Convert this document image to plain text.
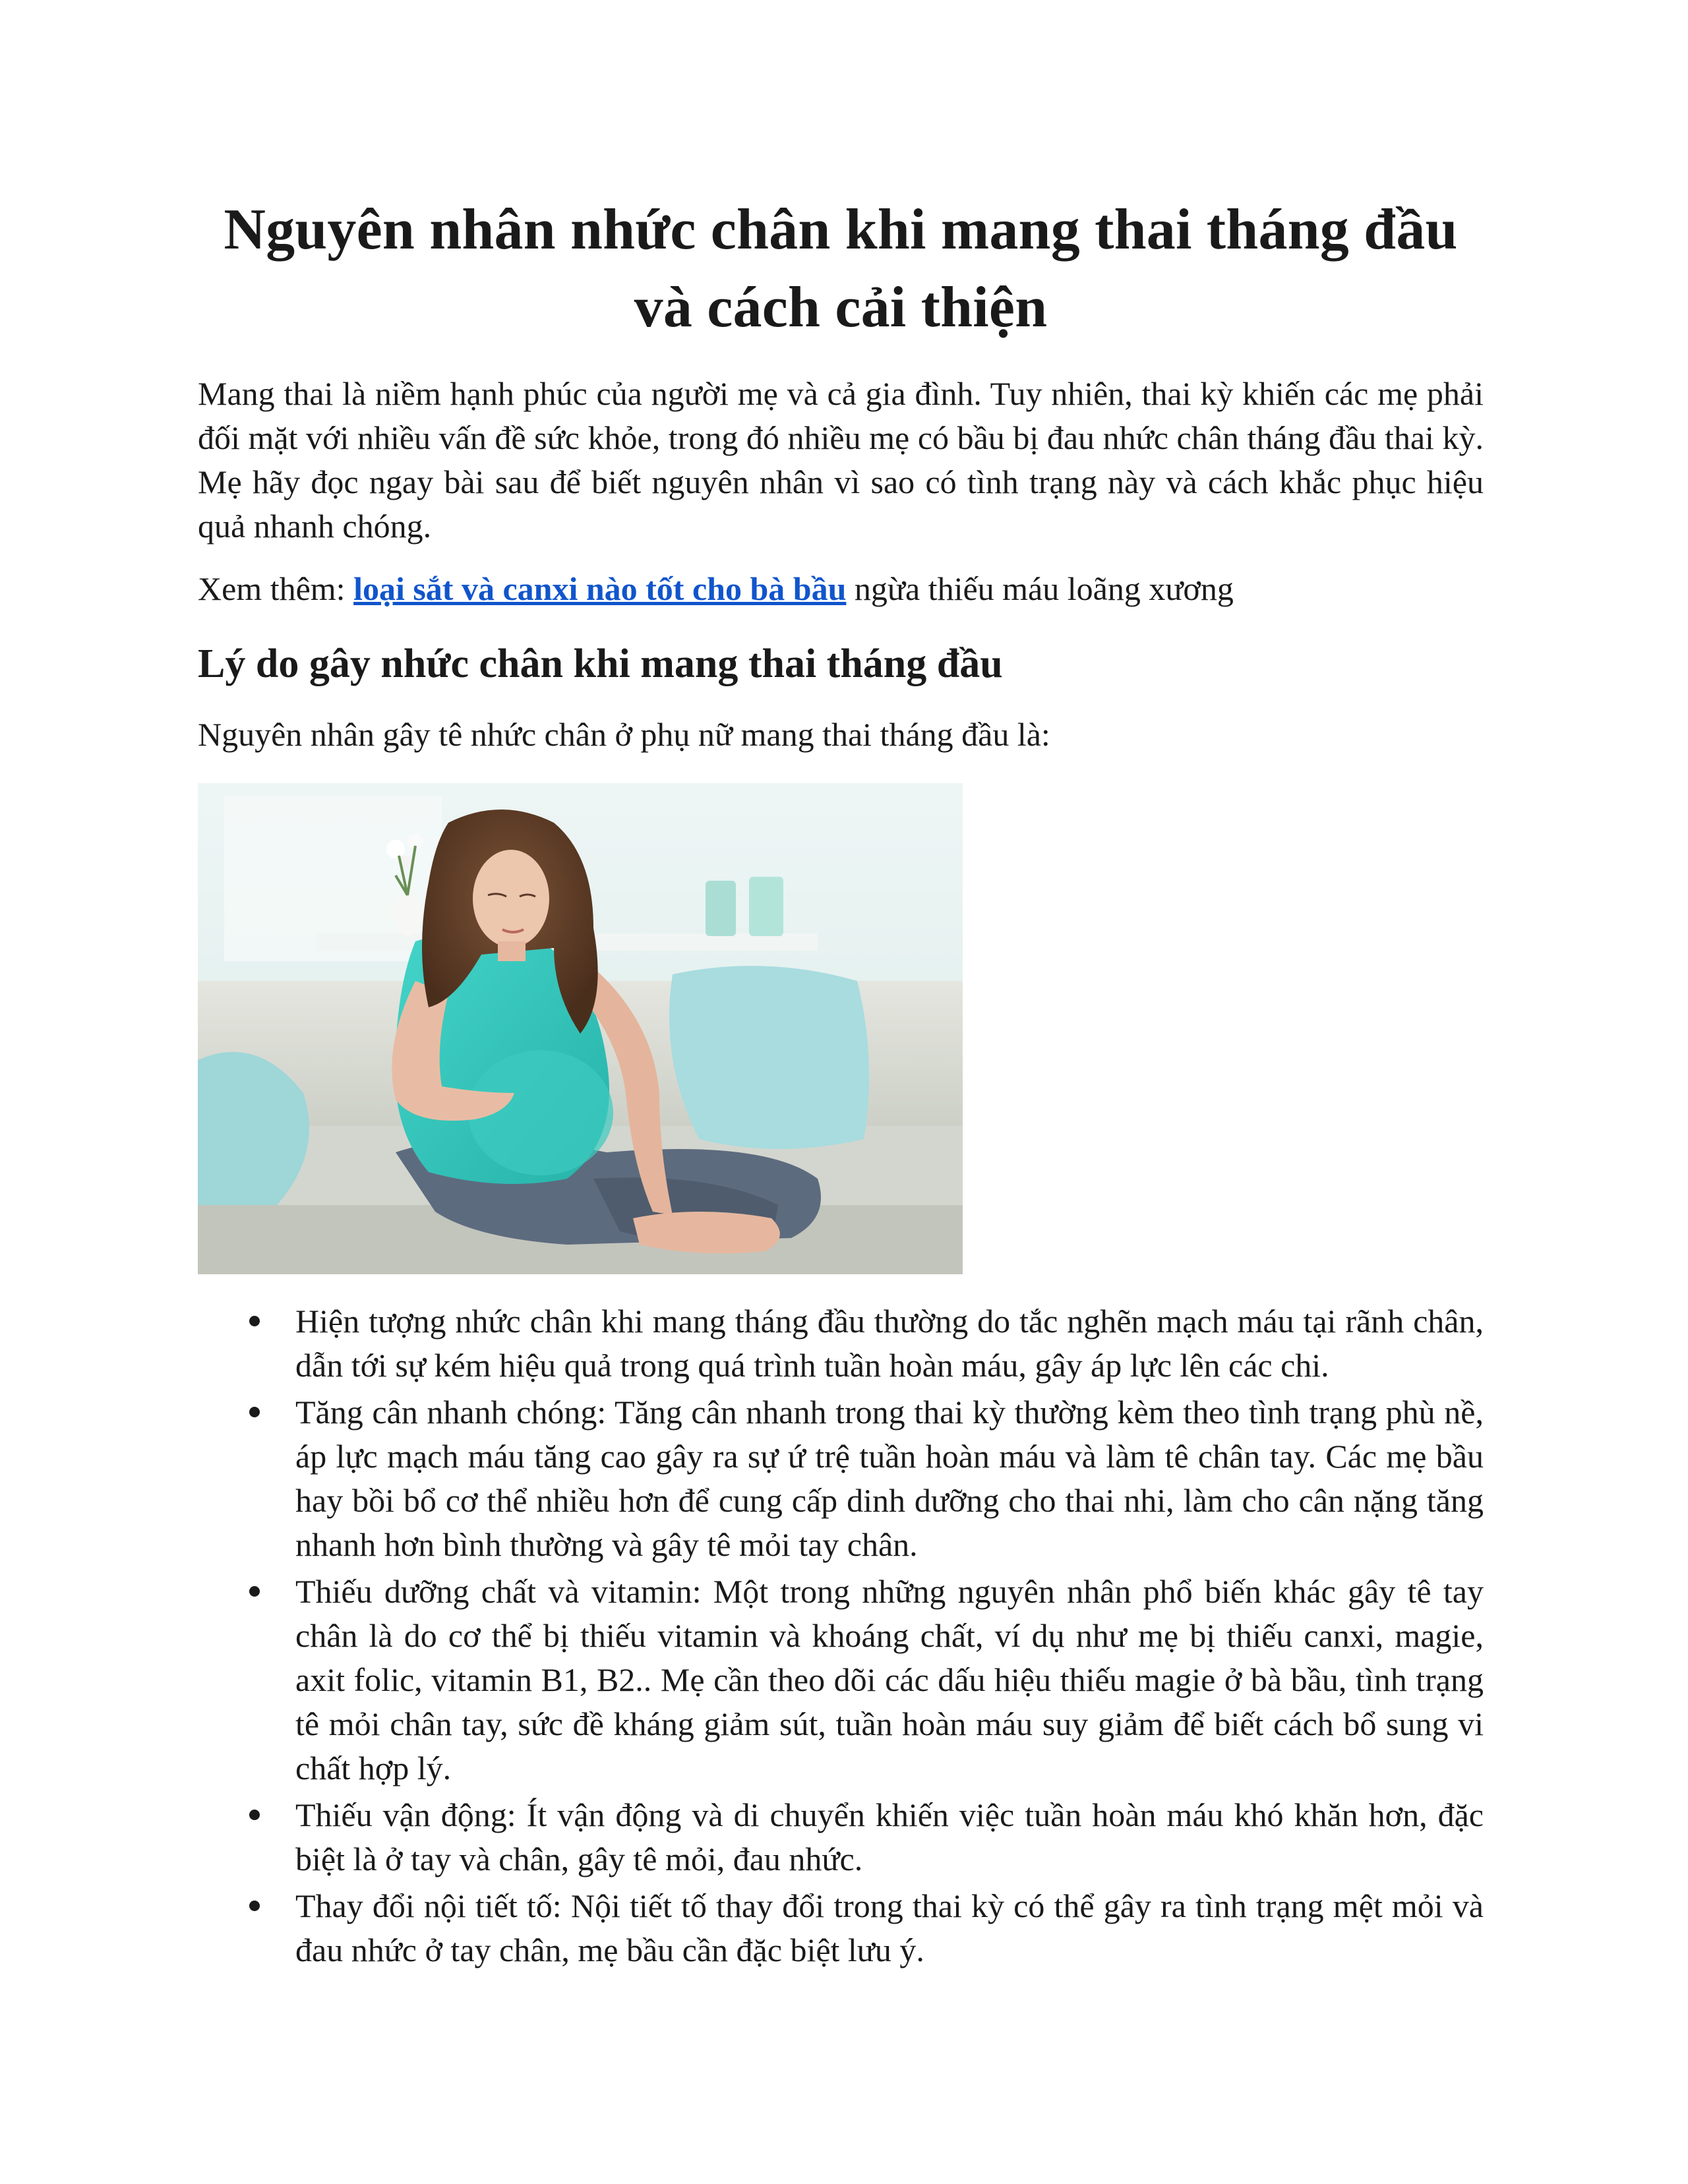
Nguyên nhân nhức chân khi mang thai tháng đầu
và cách cải thiện

Mang thai là niềm hạnh phúc của người mẹ và cả gia đình. Tuy nhiên, thai kỳ khiến các mẹ phải đối mặt với nhiều vấn đề sức khỏe, trong đó nhiều mẹ có bầu bị đau nhức chân tháng đầu thai kỳ. Mẹ hãy đọc ngay bài sau để biết nguyên nhân vì sao có tình trạng này và cách khắc phục hiệu quả nhanh chóng.

Xem thêm: loại sắt và canxi nào tốt cho bà bầu ngừa thiếu máu loãng xương

Lý do gây nhức chân khi mang thai tháng đầu

Nguyên nhân gây tê nhức chân ở phụ nữ mang thai tháng đầu là:

Hiện tượng nhức chân khi mang tháng đầu thường do tắc nghẽn mạch máu tại rãnh chân, dẫn tới sự kém hiệu quả trong quá trình tuần hoàn máu, gây áp lực lên các chi.
Tăng cân nhanh chóng: Tăng cân nhanh trong thai kỳ thường kèm theo tình trạng phù nề, áp lực mạch máu tăng cao gây ra sự ứ trệ tuần hoàn máu và làm tê chân tay. Các mẹ bầu hay bồi bổ cơ thể nhiều hơn để cung cấp dinh dưỡng cho thai nhi, làm cho cân nặng tăng nhanh hơn bình thường và gây tê mỏi tay chân.
Thiếu dưỡng chất và vitamin: Một trong những nguyên nhân phổ biến khác gây tê tay chân là do cơ thể bị thiếu vitamin và khoáng chất, ví dụ như mẹ bị thiếu canxi, magie, axit folic, vitamin B1, B2.. Mẹ cần theo dõi các dấu hiệu thiếu magie ở bà bầu, tình trạng tê mỏi chân tay, sức đề kháng giảm sút, tuần hoàn máu suy giảm để biết cách bổ sung vi chất hợp lý.
Thiếu vận động: Ít vận động và di chuyển khiến việc tuần hoàn máu khó khăn hơn, đặc biệt là ở tay và chân, gây tê mỏi, đau nhức.
Thay đổi nội tiết tố: Nội tiết tố thay đổi trong thai kỳ có thể gây ra tình trạng mệt mỏi và đau nhức ở tay chân, mẹ bầu cần đặc biệt lưu ý.
